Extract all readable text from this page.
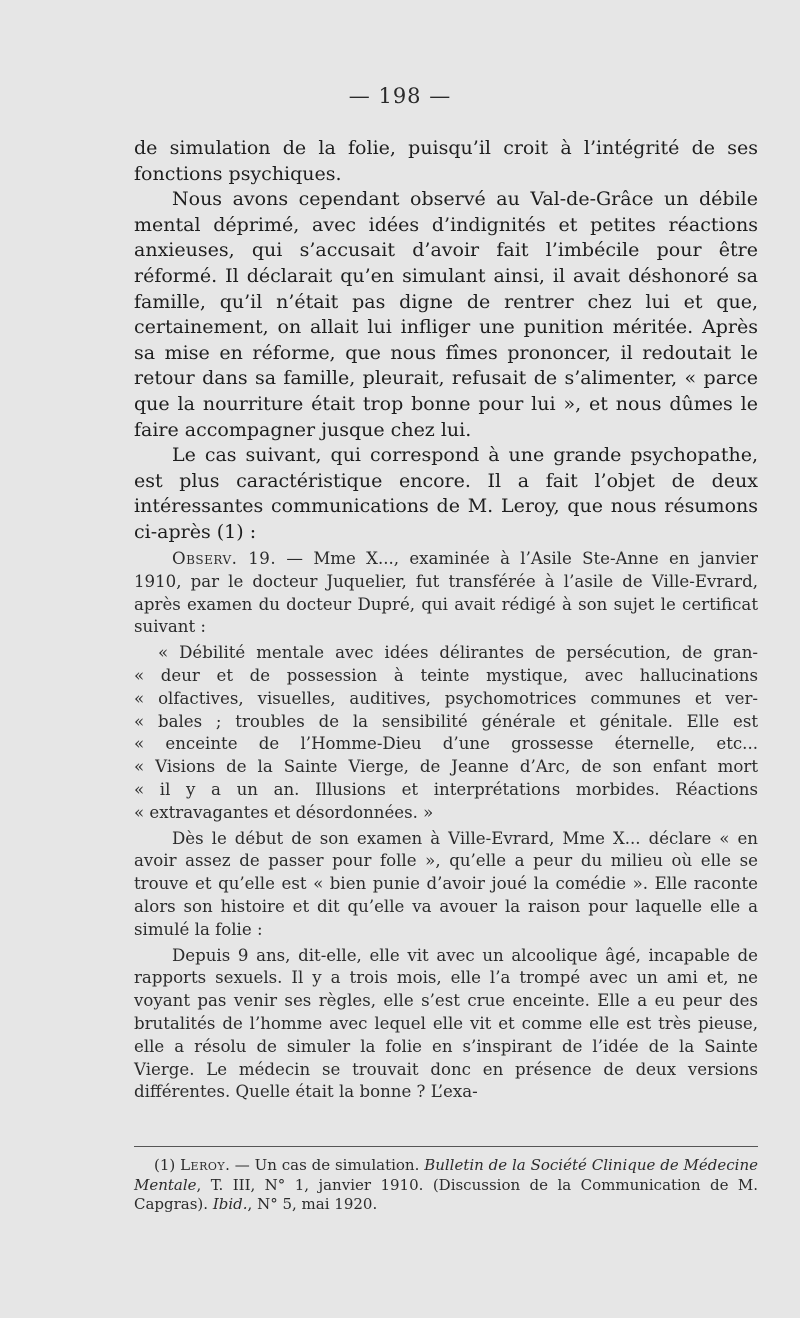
— 198 —

de simulation de la folie, puisqu’il croit à l’intégrité de ses fonctions psychiques.

Nous avons cependant observé au Val-de-Grâce un débile mental déprimé, avec idées d’indignités et petites réactions anxieuses, qui s’accusait d’avoir fait l’imbécile pour être réformé. Il déclarait qu’en simulant ainsi, il avait déshonoré sa famille, qu’il n’était pas digne de rentrer chez lui et que, certainement, on allait lui infliger une punition méritée. Après sa mise en réforme, que nous fîmes prononcer, il redoutait le retour dans sa famille, pleurait, refusait de s’alimenter, « parce que la nourriture était trop bonne pour lui », et nous dûmes le faire accompagner jusque chez lui.

Le cas suivant, qui correspond à une grande psychopathe, est plus caractéristique encore. Il a fait l’objet de deux intéressantes communications de M. Leroy, que nous résumons ci-après (1) :

Observ. 19. — Mme X..., examinée à l’Asile Ste-Anne en janvier 1910, par le docteur Juquelier, fut transférée à l’asile de Ville-Evrard, après examen du docteur Dupré, qui avait rédigé à son sujet le certificat suivant :

« Débilité mentale avec idées délirantes de persécution, de gran-
« deur et de possession à teinte mystique, avec hallucinations
« olfactives, visuelles, auditives, psychomotrices communes et ver-
« bales ; troubles de la sensibilité générale et génitale. Elle est
« enceinte de l’Homme-Dieu d’une grossesse éternelle, etc...
« Visions de la Sainte Vierge, de Jeanne d’Arc, de son enfant mort
« il y a un an. Illusions et interprétations morbides. Réactions
« extravagantes et désordonnées. »

Dès le début de son examen à Ville-Evrard, Mme X... déclare « en avoir assez de passer pour folle », qu’elle a peur du milieu où elle se trouve et qu’elle est « bien punie d’avoir joué la comédie ». Elle raconte alors son histoire et dit qu’elle va avouer la raison pour laquelle elle a simulé la folie :

Depuis 9 ans, dit-elle, elle vit avec un alcoolique âgé, incapable de rapports sexuels. Il y a trois mois, elle l’a trompé avec un ami et, ne voyant pas venir ses règles, elle s’est crue enceinte. Elle a eu peur des brutalités de l’homme avec lequel elle vit et comme elle est très pieuse, elle a résolu de simuler la folie en s’inspirant de l’idée de la Sainte Vierge. Le médecin se trouvait donc en présence de deux versions différentes. Quelle était la bonne ? L’exa-

(1) Leroy. — Un cas de simulation. Bulletin de la Société Clinique de Médecine Mentale, T. III, N° 1, janvier 1910. (Discussion de la Communication de M. Capgras). Ibid., N° 5, mai 1920.
